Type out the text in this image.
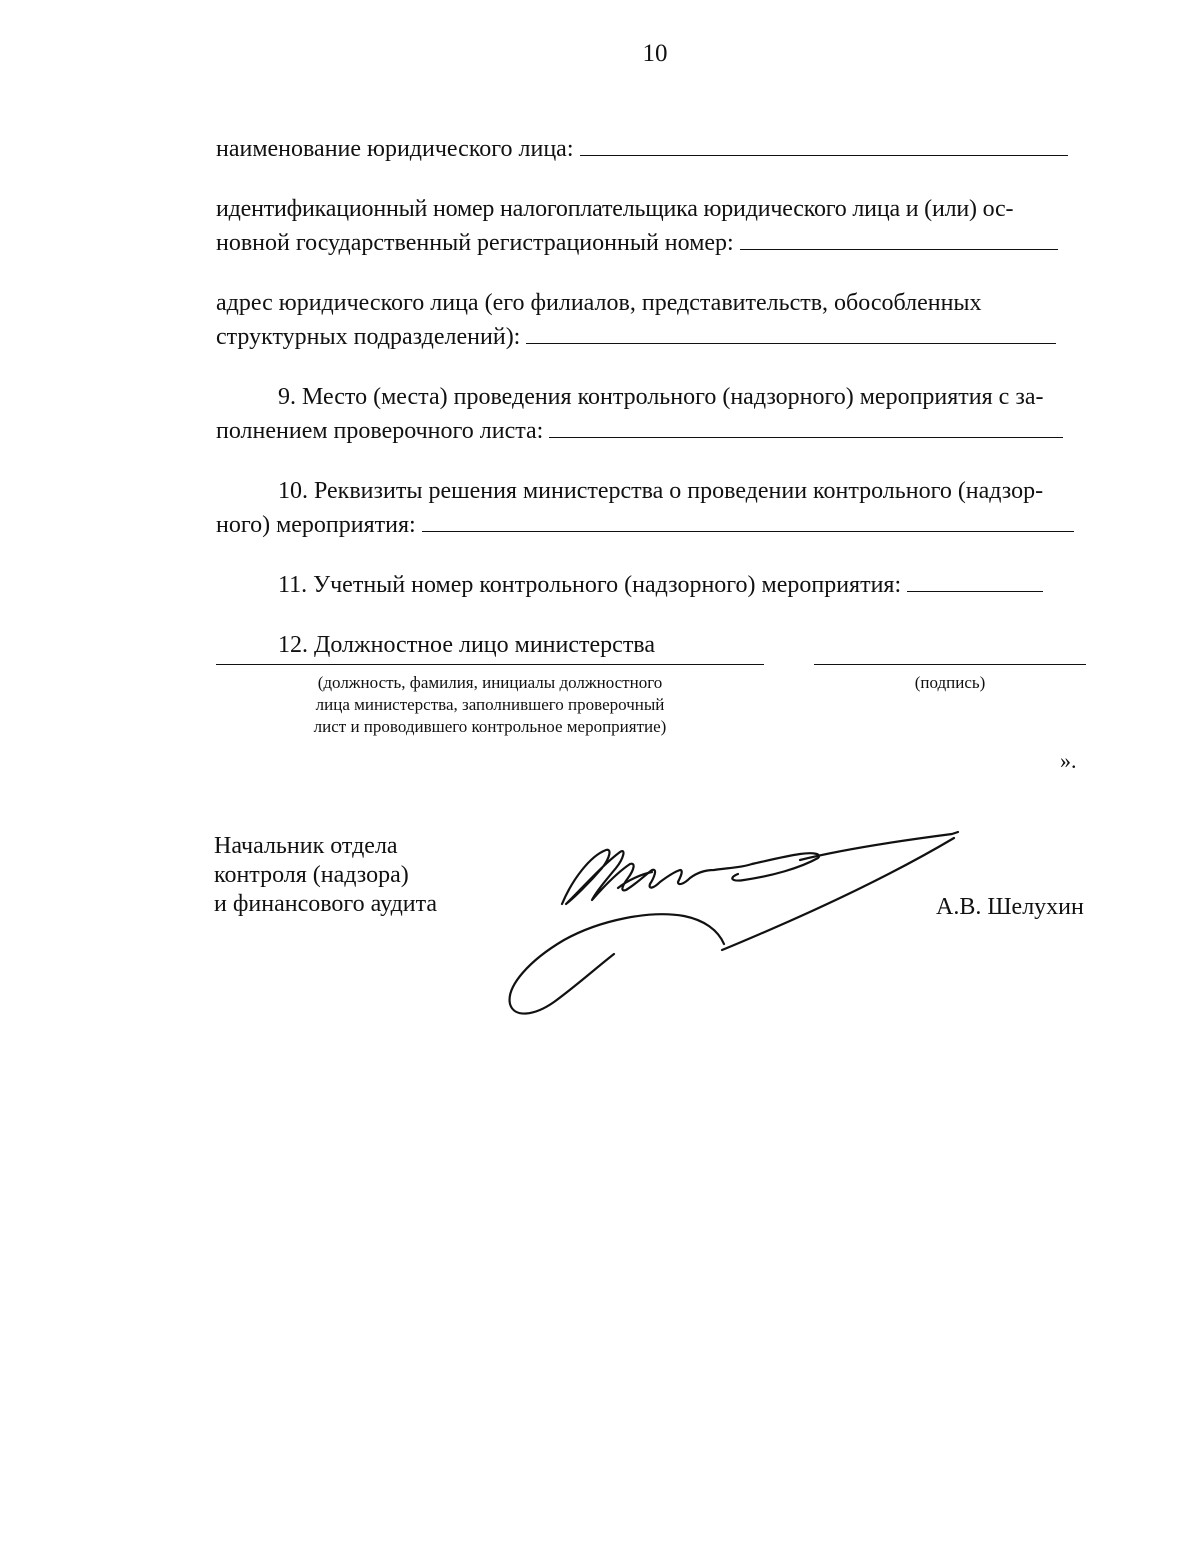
10

наименование юридического лица:

идентификационный номер налогоплательщика юридического лица и (или) ос-
новной государственный регистрационный номер:

адрес юридического лица (его филиалов, представительств, обособленных
структурных подразделений):

9. Место (места) проведения контрольного (надзорного) мероприятия с за-
полнением проверочного листа:

10. Реквизиты решения министерства о проведении контрольного (надзор-
ного) мероприятия:

11. Учетный номер контрольного (надзорного) мероприятия:

12. Должностное лицо министерства

(должность, фамилия, инициалы должностного
лица министерства, заполнившего проверочный
лист и проводившего контрольное мероприятие)
(подпись)
».
Начальник отдела
контроля (надзора)
и финансового аудита	А.В. Шелухин
